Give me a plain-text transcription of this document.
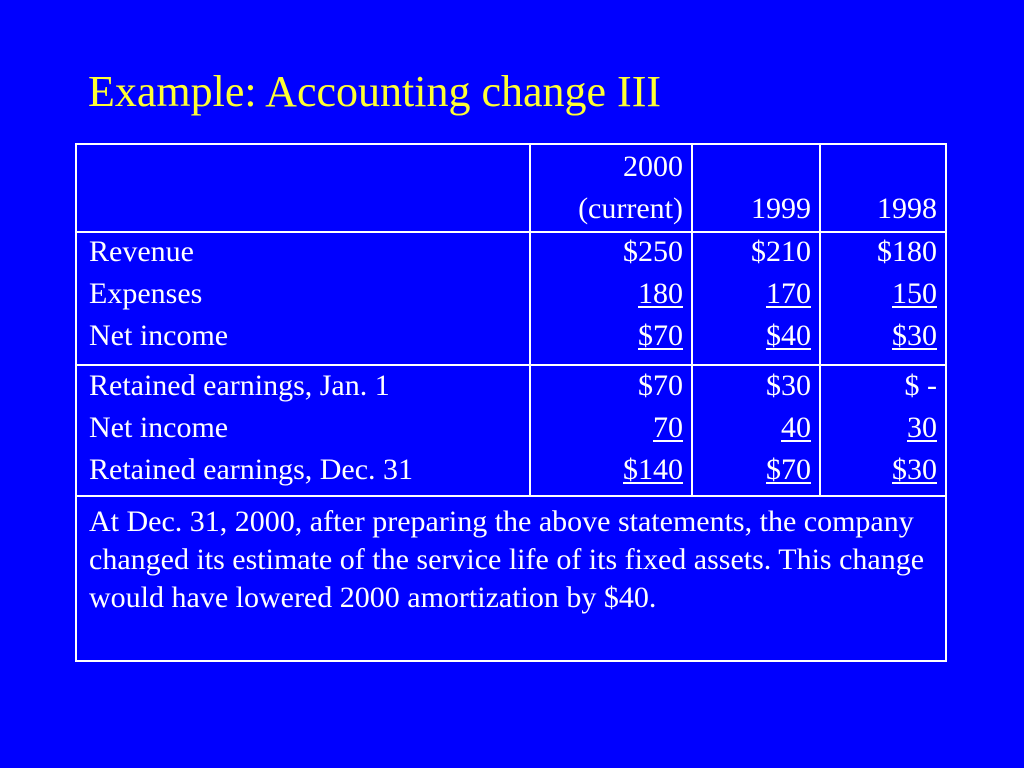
Example: Accounting change III
2000
(current)	1999	1998
Revenue
Expenses
Net income
$250
180
$70
$210
170
$40
$180
150
$30
Retained earnings, Jan. 1
Net income
Retained earnings, Dec. 31
$70
70
$140
$30
40
$70
$ -
30
$30
At Dec. 31, 2000, after preparing the above statements, the company changed its estimate of the service life of its fixed assets. This change would have lowered 2000 amortization by $40.
